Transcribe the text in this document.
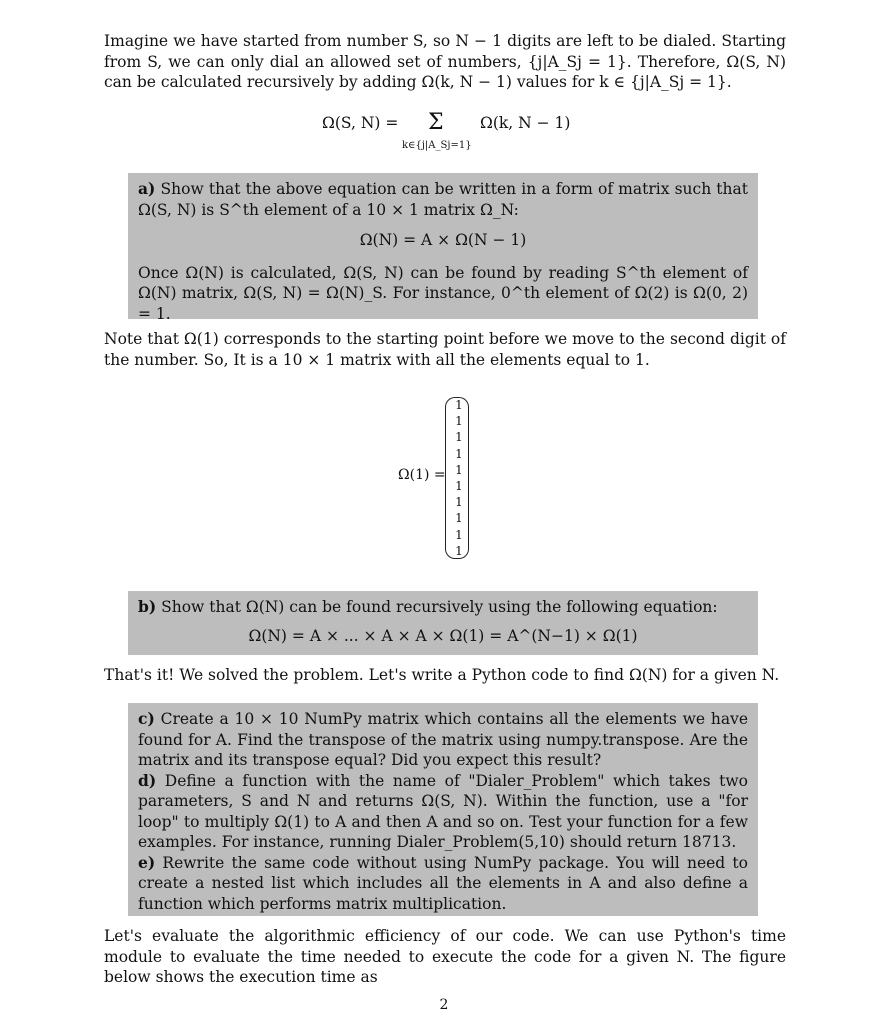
Imagine we have started from number S, so N − 1 digits are left to be dialed. Starting from S, we can only dial an allowed set of numbers, {j|A_Sj = 1}. Therefore, Ω(S, N) can be calculated recursively by adding Ω(k, N − 1) values for k ∈ {j|A_Sj = 1}.

Ω(S, N) = Σ
k∈{j|A_Sj=1}
Ω(k, N − 1)

a) Show that the above equation can be written in a form of matrix such that Ω(S, N) is S^th element of a 10 × 1 matrix Ω_N:

Ω(N) = A × Ω(N − 1)

Once Ω(N) is calculated, Ω(S, N) can be found by reading S^th element of Ω(N) matrix, Ω(S, N) = Ω(N)_S. For instance, 0^th element of Ω(2) is Ω(0, 2) = 1.

Note that Ω(1) corresponds to the starting point before we move to the second digit of the number. So, It is a 10 × 1 matrix with all the elements equal to 1.

Ω(1) =
1
1
1
1
1
1
1
1
1
1

b) Show that Ω(N) can be found recursively using the following equation:

Ω(N) = A × ... × A × A × Ω(1) = A^(N−1) × Ω(1)

That's it! We solved the problem. Let's write a Python code to find Ω(N) for a given N.

c) Create a 10 × 10 NumPy matrix which contains all the elements we have found for A. Find the transpose of the matrix using numpy.transpose. Are the matrix and its transpose equal? Did you expect this result?

d) Define a function with the name of "Dialer_Problem" which takes two parameters, S and N and returns Ω(S, N). Within the function, use a "for loop" to multiply Ω(1) to A and then A and so on. Test your function for a few examples. For instance, running Dialer_Problem(5,10) should return 18713.

e) Rewrite the same code without using NumPy package. You will need to create a nested list which includes all the elements in A and also define a function which performs matrix multiplication.

Let's evaluate the algorithmic efficiency of our code. We can use Python's time module to evaluate the time needed to execute the code for a given N. The figure below shows the execution time as

2
